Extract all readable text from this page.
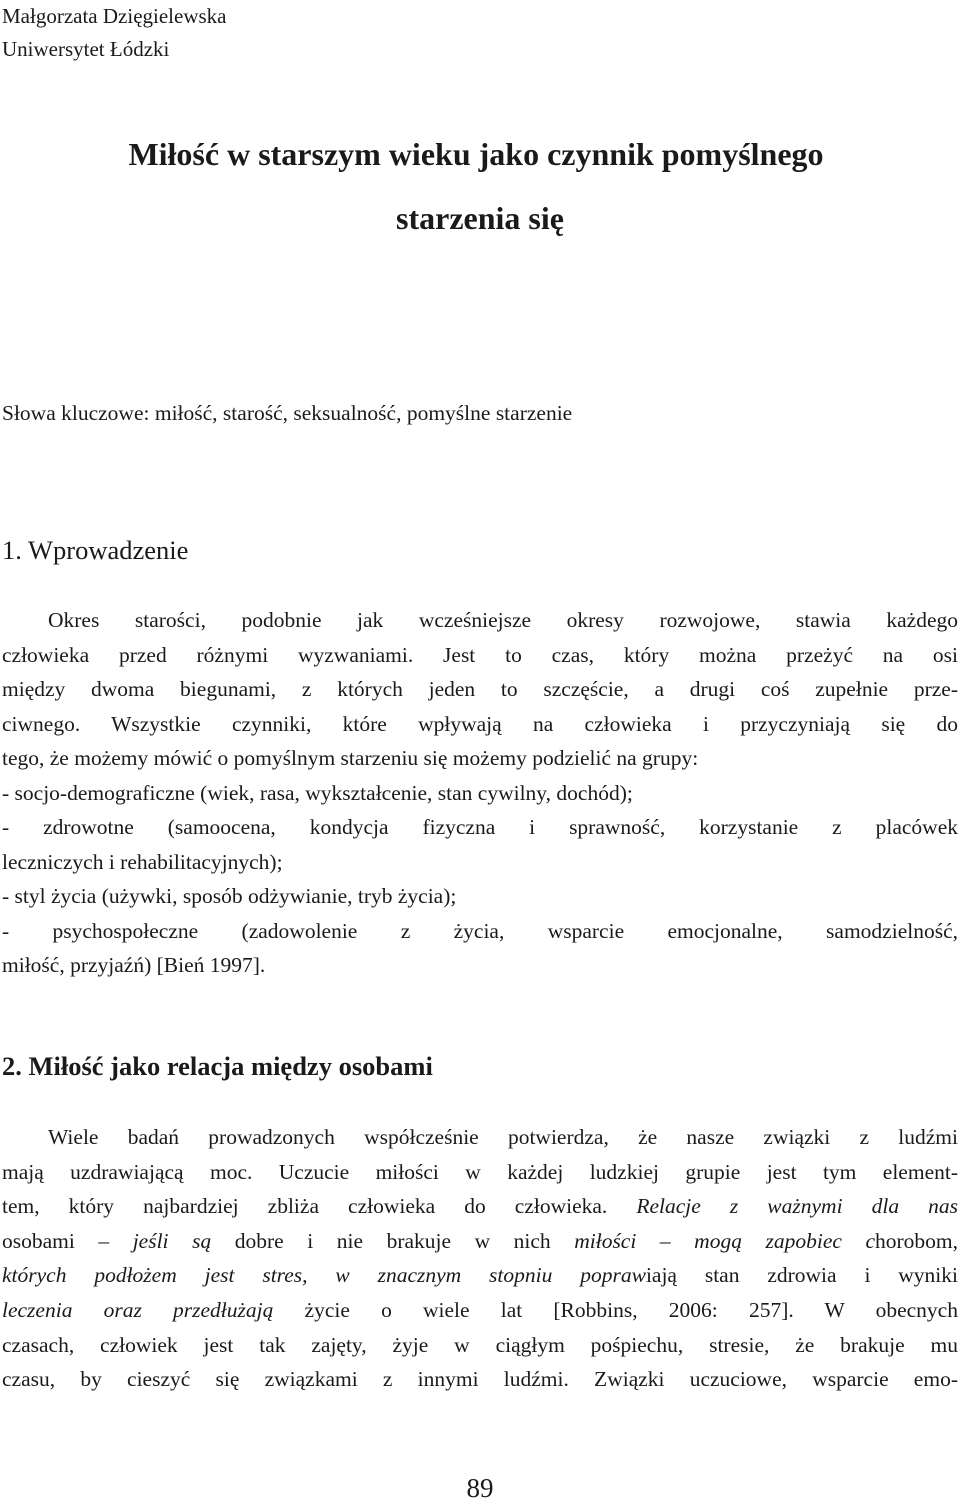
Małgorzata Dzięgielewska
Uniwersytet Łódzki
Miłość w starszym wieku jako czynnik pomyślnego
starzenia się
Słowa kluczowe: miłość, starość, seksualność, pomyślne starzenie
1. Wprowadzenie
Okres starości, podobnie jak wcześniejsze okresy rozwojowe, stawia każdego
człowieka przed różnymi wyzwaniami. Jest to czas, który można przeżyć na osi
między dwoma biegunami, z których jeden to szczęście, a drugi coś zupełnie prze-
ciwnego. Wszystkie czynniki, które wpływają na człowieka i przyczyniają się do
tego, że możemy mówić o pomyślnym starzeniu się możemy podzielić na grupy:
- socjo-demograficzne (wiek, rasa, wykształcenie, stan cywilny, dochód);
- zdrowotne (samoocena, kondycja fizyczna i sprawność, korzystanie z placówek
leczniczych i rehabilitacyjnych);
- styl życia (używki, sposób odżywianie, tryb życia);
- psychospołeczne (zadowolenie z życia, wsparcie emocjonalne, samodzielność,
miłość, przyjaźń) [Bień 1997].
2. Miłość jako relacja między osobami
Wiele badań prowadzonych współcześnie potwierdza, że nasze związki z ludźmi
mają uzdrawiającą moc. Uczucie miłości w każdej ludzkiej grupie jest tym element-
tem, który najbardziej zbliża człowieka do człowieka. Relacje z ważnymi dla nas
osobami – jeśli są dobre i nie brakuje w nich miłości – mogą zapobiec chorobom,
których podłożem jest stres, w znacznym stopniu poprawiają stan zdrowia i wyniki
leczenia oraz przedłużają życie o wiele lat [Robbins, 2006: 257]. W obecnych
czasach, człowiek jest tak zajęty, żyje w ciągłym pośpiechu, stresie, że brakuje mu
czasu, by cieszyć się związkami z innymi ludźmi. Związki uczuciowe, wsparcie emo-
89
